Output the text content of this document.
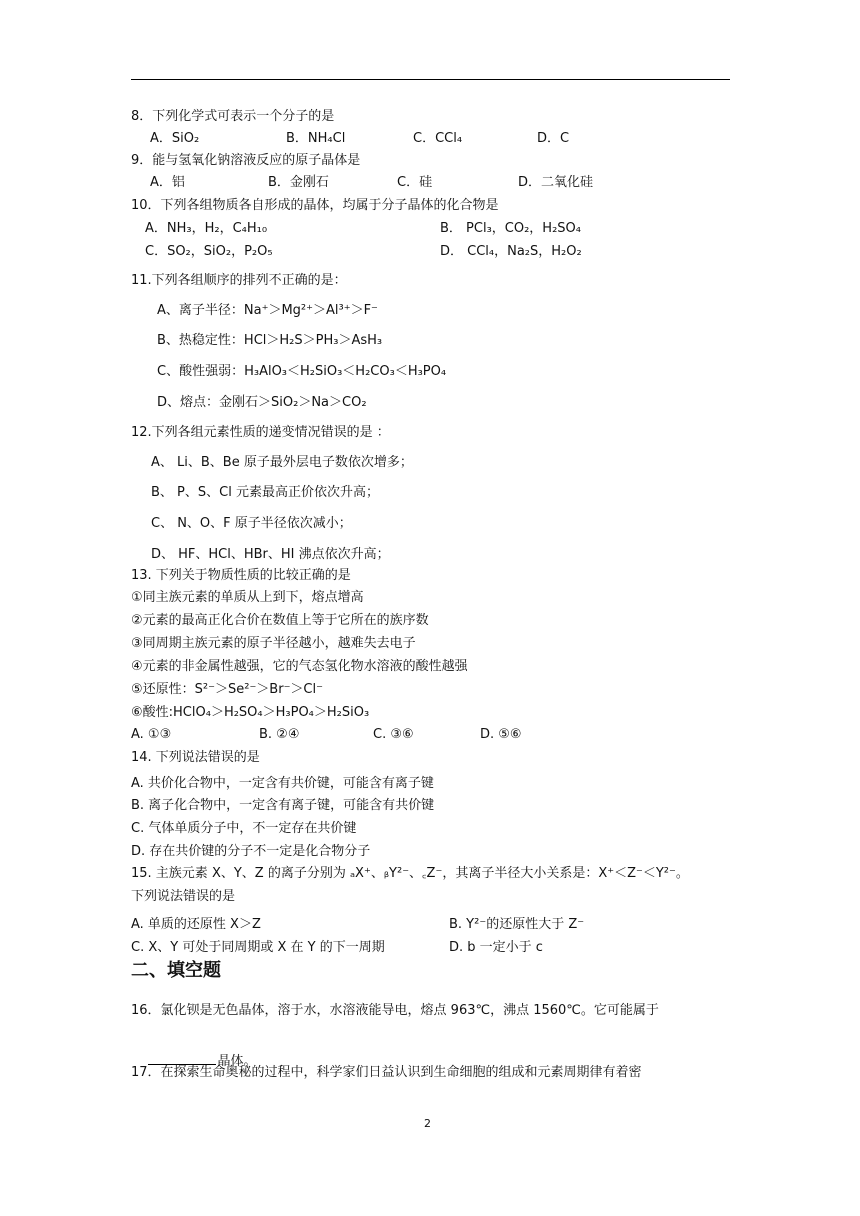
8．下列化学式可表示一个分子的是
A．SiO₂	B．NH₄Cl	C．CCl₄	D．C
9．能与氢氧化钠溶液反应的原子晶体是
A．铝	B．金刚石	C．硅	D．二氧化硅
10．下列各组物质各自形成的晶体，均属于分子晶体的化合物是
A．NH₃，H₂，C₄H₁₀	B． PCl₃，CO₂，H₂SO₄
C．SO₂，SiO₂，P₂O₅	D． CCl₄，Na₂S，H₂O₂
11.下列各组顺序的排列不正确的是：
A、离子半径：Na⁺＞Mg²⁺＞Al³⁺＞F⁻
B、热稳定性：HCl＞H₂S＞PH₃＞AsH₃
C、酸性强弱：H₃AlO₃＜H₂SiO₃＜H₂CO₃＜H₃PO₄
D、熔点：金刚石＞SiO₂＞Na＞CO₂
12.下列各组元素性质的递变情况错误的是 ：
A、 Li、B、Be 原子最外层电子数依次增多；
B、 P、S、Cl 元素最高正价依次升高；
C、 N、O、F 原子半径依次减小；
D、 HF、HCl、HBr、HI 沸点依次升高；
13. 下列关于物质性质的比较正确的是
①同主族元素的单质从上到下，熔点增高
②元素的最高正化合价在数值上等于它所在的族序数
③同周期主族元素的原子半径越小，越难失去电子
④元素的非金属性越强，它的气态氢化物水溶液的酸性越强
⑤还原性：S²⁻＞Se²⁻＞Br⁻＞Cl⁻
⑥酸性:HClO₄＞H₂SO₄＞H₃PO₄＞H₂SiO₃
A. ①③	B. ②④	C. ③⑥	D. ⑤⑥
14. 下列说法错误的是
A. 共价化合物中，一定含有共价键，可能含有离子键
B. 离子化合物中，一定含有离子键，可能含有共价键
C. 气体单质分子中，不一定存在共价键
D. 存在共价键的分子不一定是化合物分子
15. 主族元素 X、Y、Z 的离子分别为 ₐX⁺、ᵦY²⁻、꜀Z⁻，其离子半径大小关系是：X⁺＜Z⁻＜Y²⁻。
下列说法错误的是
A. 单质的还原性 X＞Z	B. Y²⁻的还原性大于 Z⁻
C. X、Y 可处于同周期或 X 在 Y 的下一周期	D. b 一定小于 c
二、填空题
16．氯化钡是无色晶体，溶于水，水溶液能导电，熔点 963℃，沸点 1560℃。它可能属于

晶体。

17．在探索生命奥秘的过程中，科学家们日益认识到生命细胞的组成和元素周期律有着密
2
